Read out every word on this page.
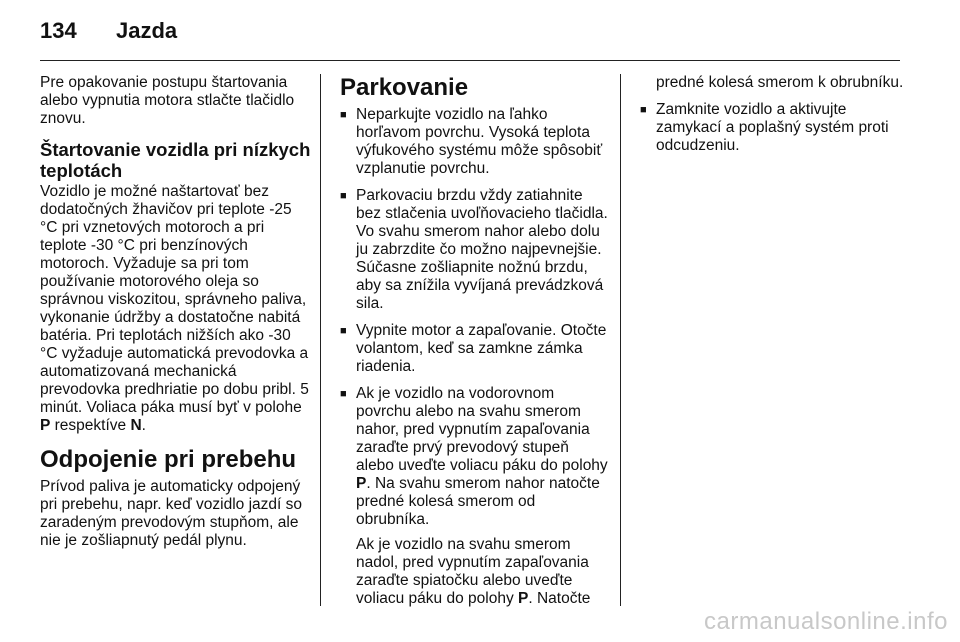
134 Jazda

Pre opakovanie postupu štartovania alebo vypnutia motora stlačte tlačidlo znovu.

Štartovanie vozidla pri nízkych teplotách

Vozidlo je možné naštartovať bez dodatočných žhavičov pri teplote -25 °C pri vznetových motoroch a pri teplote -30 °C pri benzínových motoroch. Vyžaduje sa pri tom používanie motorového oleja so správnou viskozitou, správneho paliva, vykonanie údržby a dostatočne nabitá batéria. Pri teplotách nižších ako -30 °C vyžaduje automatická prevodovka a automatizovaná mechanická prevodovka predhriatie po dobu pribl. 5 minút. Voliaca páka musí byť v polohe P respektíve N.

Odpojenie pri prebehu

Prívod paliva je automaticky odpojený pri prebehu, napr. keď vozidlo jazdí so zaradeným prevodovým stupňom, ale nie je zošliapnutý pedál plynu.

Parkovanie
■ Neparkujte vozidlo na ľahko horľavom povrchu. Vysoká teplota výfukového systému môže spôsobiť vzplanutie povrchu.
■ Parkovaciu brzdu vždy zatiahnite bez stlačenia uvoľňovacieho tlačidla. Vo svahu smerom nahor alebo dolu ju zabrzdite čo možno najpevnejšie. Súčasne zošliapnite nožnú brzdu, aby sa znížila vyvíjaná prevádzková sila.
■ Vypnite motor a zapaľovanie. Otočte volantom, keď sa zamkne zámka riadenia.
■ Ak je vozidlo na vodorovnom povrchu alebo na svahu smerom nahor, pred vypnutím zapaľovania zaraďte prvý prevodový stupeň alebo uveďte voliacu páku do polohy P. Na svahu smerom nahor natočte predné kolesá smerom od obrubníka.

Ak je vozidlo na svahu smerom nadol, pred vypnutím zapaľovania zaraďte spiatočku alebo uveďte voliacu páku do polohy P. Natočte

predné kolesá smerom k obrubníku.
■ Zamknite vozidlo a aktivujte zamykací a poplašný systém proti odcudzeniu.
carmanualsonline.info
